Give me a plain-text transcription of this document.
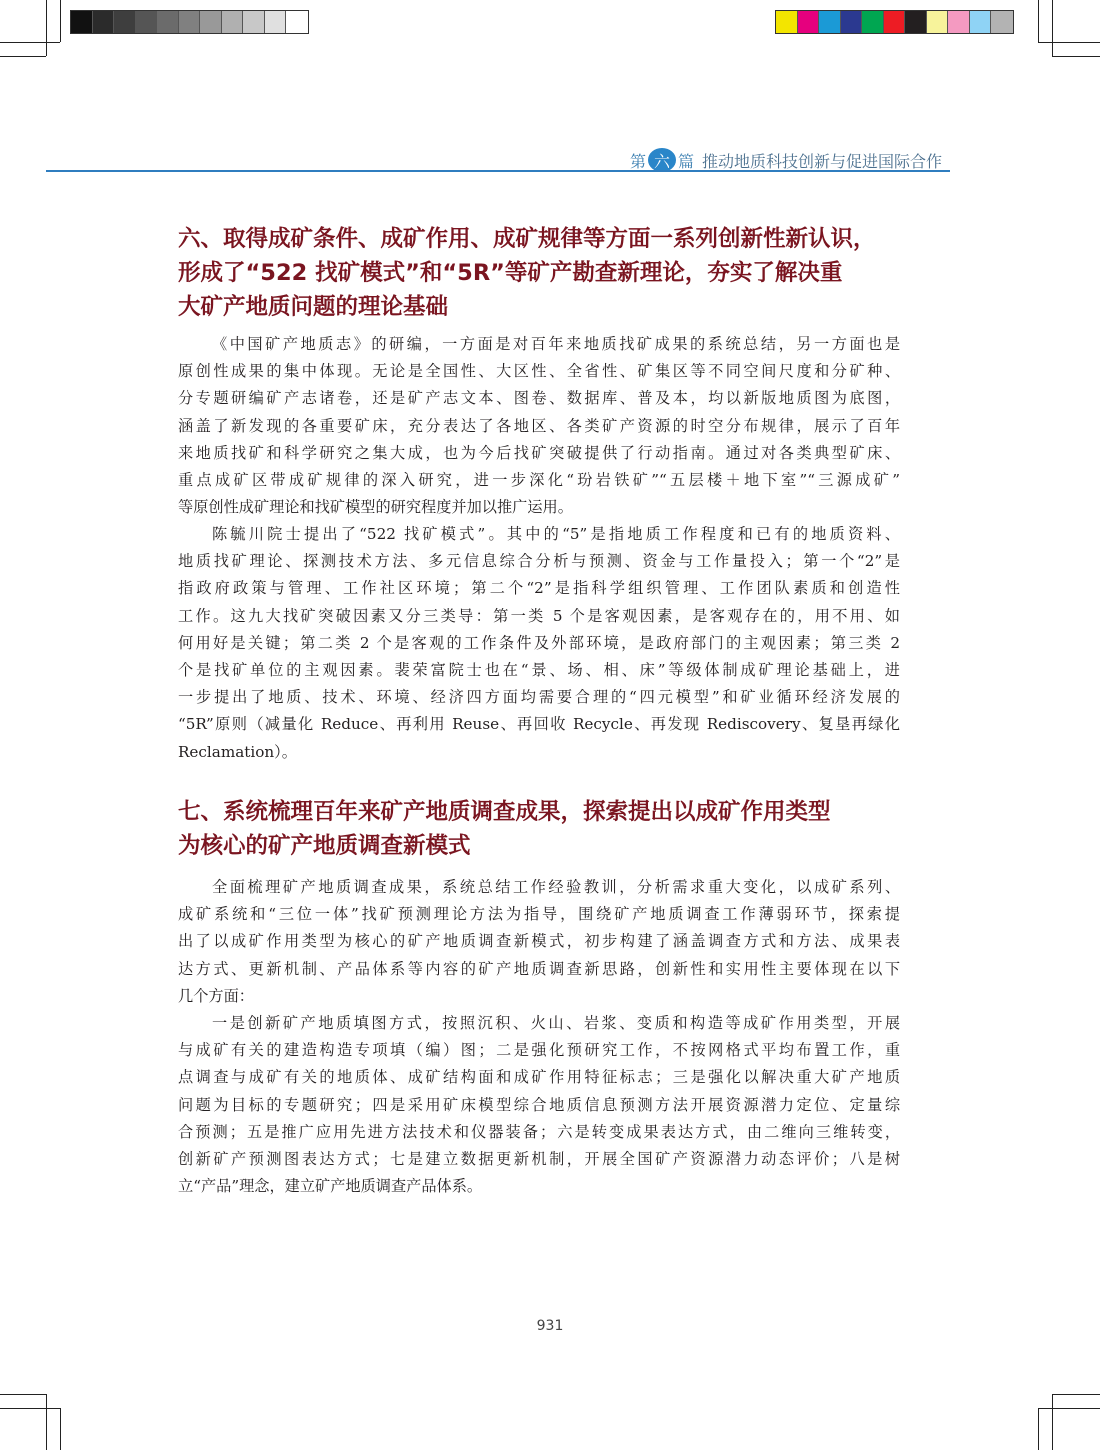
第 六 篇 推动地质科技创新与促进国际合作
六、取得成矿条件、成矿作用、成矿规律等方面一系列创新性新认识，
形成了“522 找矿模式”和“5R”等矿产勘查新理论，夯实了解决重
大矿产地质问题的理论基础

《中国矿产地质志》的研编，一方面是对百年来地质找矿成果的系统总结，另一方面也是
原创性成果的集中体现。无论是全国性、大区性、全省性、矿集区等不同空间尺度和分矿种、
分专题研编矿产志诸卷，还是矿产志文本、图卷、数据库、普及本，均以新版地质图为底图，
涵盖了新发现的各重要矿床，充分表达了各地区、各类矿产资源的时空分布规律，展示了百年
来地质找矿和科学研究之集大成，也为今后找矿突破提供了行动指南。通过对各类典型矿床、
重点成矿区带成矿规律的深入研究，进一步深化“玢岩铁矿”“五层楼＋地下室”“三源成矿”
等原创性成矿理论和找矿模型的研究程度并加以推广运用。

陈毓川院士提出了“522 找矿模式”。其中的“5”是指地质工作程度和已有的地质资料、
地质找矿理论、探测技术方法、多元信息综合分析与预测、资金与工作量投入；第一个“2”是
指政府政策与管理、工作社区环境；第二个“2”是指科学组织管理、工作团队素质和创造性
工作。这九大找矿突破因素又分三类导：第一类 5 个是客观因素，是客观存在的，用不用、如
何用好是关键；第二类 2 个是客观的工作条件及外部环境，是政府部门的主观因素；第三类 2
个是找矿单位的主观因素。裴荣富院士也在“景、场、相、床”等级体制成矿理论基础上，进
一步提出了地质、技术、环境、经济四方面均需要合理的“四元模型”和矿业循环经济发展的
“5R”原则（减量化 Reduce、再利用 Reuse、再回收 Recycle、再发现 Rediscovery、复垦再绿化
Reclamation）。

七、系统梳理百年来矿产地质调查成果，探索提出以成矿作用类型
为核心的矿产地质调查新模式

全面梳理矿产地质调查成果，系统总结工作经验教训，分析需求重大变化，以成矿系列、
成矿系统和“三位一体”找矿预测理论方法为指导，围绕矿产地质调查工作薄弱环节，探索提
出了以成矿作用类型为核心的矿产地质调查新模式，初步构建了涵盖调查方式和方法、成果表
达方式、更新机制、产品体系等内容的矿产地质调查新思路，创新性和实用性主要体现在以下
几个方面：

一是创新矿产地质填图方式，按照沉积、火山、岩浆、变质和构造等成矿作用类型，开展
与成矿有关的建造构造专项填（编）图；二是强化预研究工作，不按网格式平均布置工作，重
点调查与成矿有关的地质体、成矿结构面和成矿作用特征标志；三是强化以解决重大矿产地质
问题为目标的专题研究；四是采用矿床模型综合地质信息预测方法开展资源潜力定位、定量综
合预测；五是推广应用先进方法技术和仪器装备；六是转变成果表达方式，由二维向三维转变，
创新矿产预测图表达方式；七是建立数据更新机制，开展全国矿产资源潜力动态评价；八是树
立“产品”理念，建立矿产地质调查产品体系。

931
